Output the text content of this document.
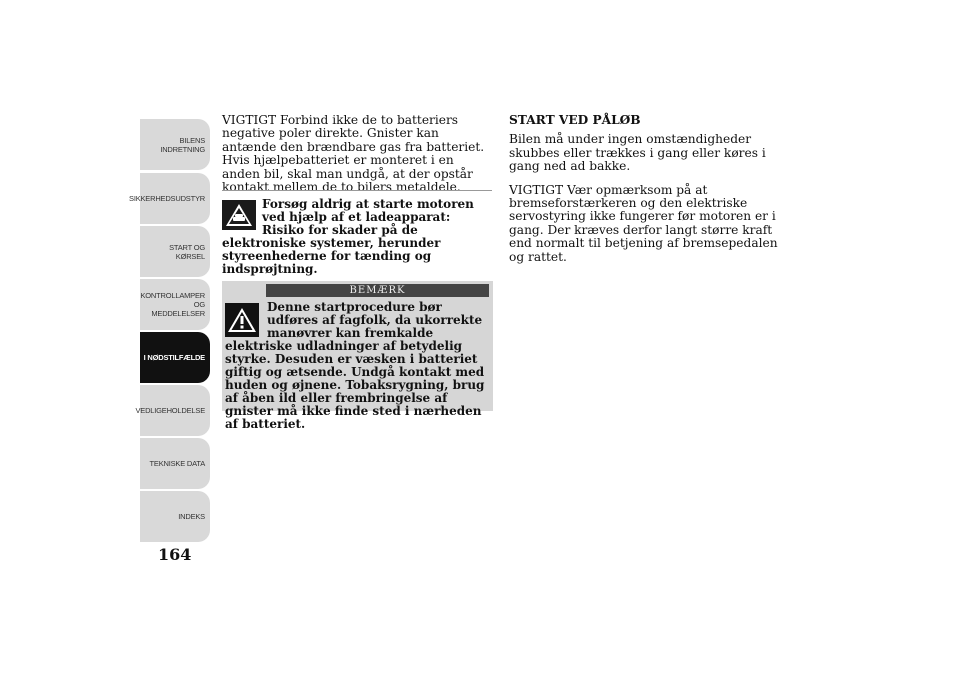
BILENS
INDRETNING
SIKKERHEDSUDSTYR
START OG KØRSEL
KONTROLLAMPER
OG MEDDELELSER
I NØDSTILFÆLDE
VEDLIGEHOLDELSE
TEKNISKE DATA
INDEKS
164

VIGTIGT Forbind ikke de to batteriers negative poler direkte. Gnister kan antænde den brændbare gas fra batteriet. Hvis hjælpebatteriet er monteret i en anden bil, skal man undgå, at der opstår kontakt mellem de to bilers metaldele.

Forsøg aldrig at starte motoren ved hjælp af et ladeapparat: Risiko for skader på de elektroniske systemer, herunder styreenhederne for tænding og indsprøjtning.
BEMÆRK
Denne startprocedure bør udføres af fagfolk, da ukorrekte manøvrer kan fremkalde elektriske udladninger af betydelig styrke. Desuden er væsken i batteriet giftig og ætsende. Undgå kontakt med huden og øjnene. Tobaksrygning, brug af åben ild eller frembringelse af gnister må ikke finde sted i nærheden af batteriet.

START VED PÅLØB

Bilen må under ingen omstændigheder skubbes eller trækkes i gang eller køres i gang ned ad bakke.

VIGTIGT Vær opmærksom på at bremseforstærkeren og den elektriske servostyring ikke fungerer før motoren er i gang. Der kræves derfor langt større kraft end normalt til betjening af bremsepedalen og rattet.
